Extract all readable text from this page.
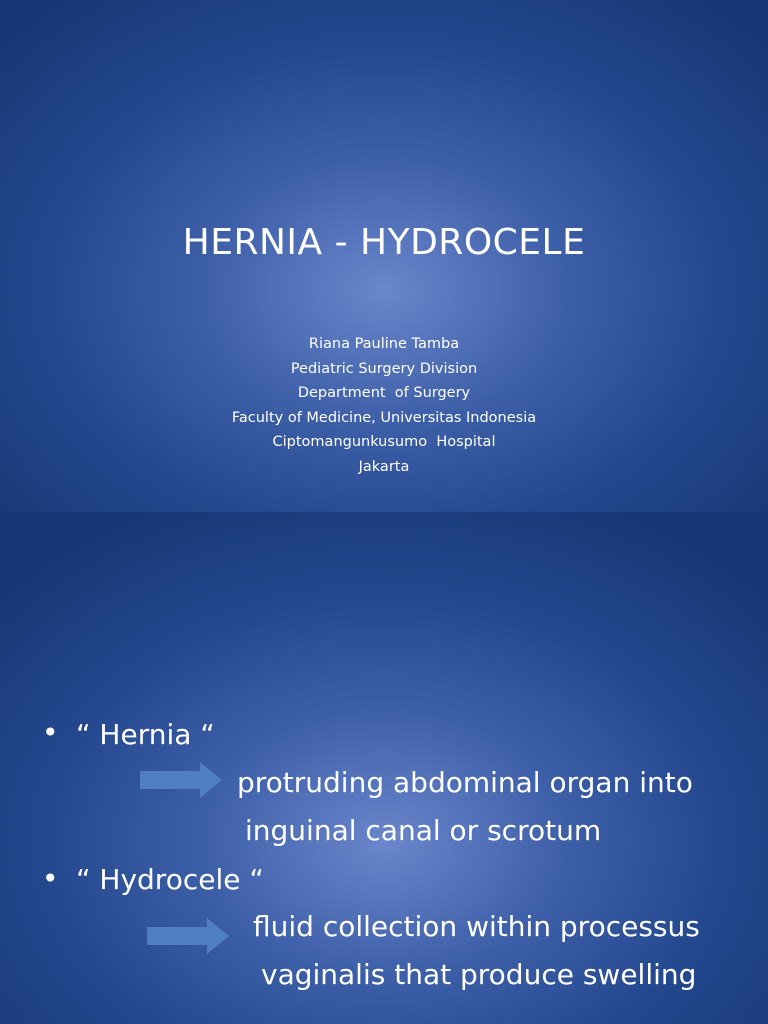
HERNIA - HYDROCELE
Riana Pauline Tamba
Pediatric Surgery Division
Department  of Surgery
Faculty of Medicine, Universitas Indonesia
Ciptomangunkusumo  Hospital
Jakarta
• “ Hernia “
protruding abdominal organ into
inguinal canal or scrotum
• “ Hydrocele “
fluid collection within processus
vaginalis that produce swelling
